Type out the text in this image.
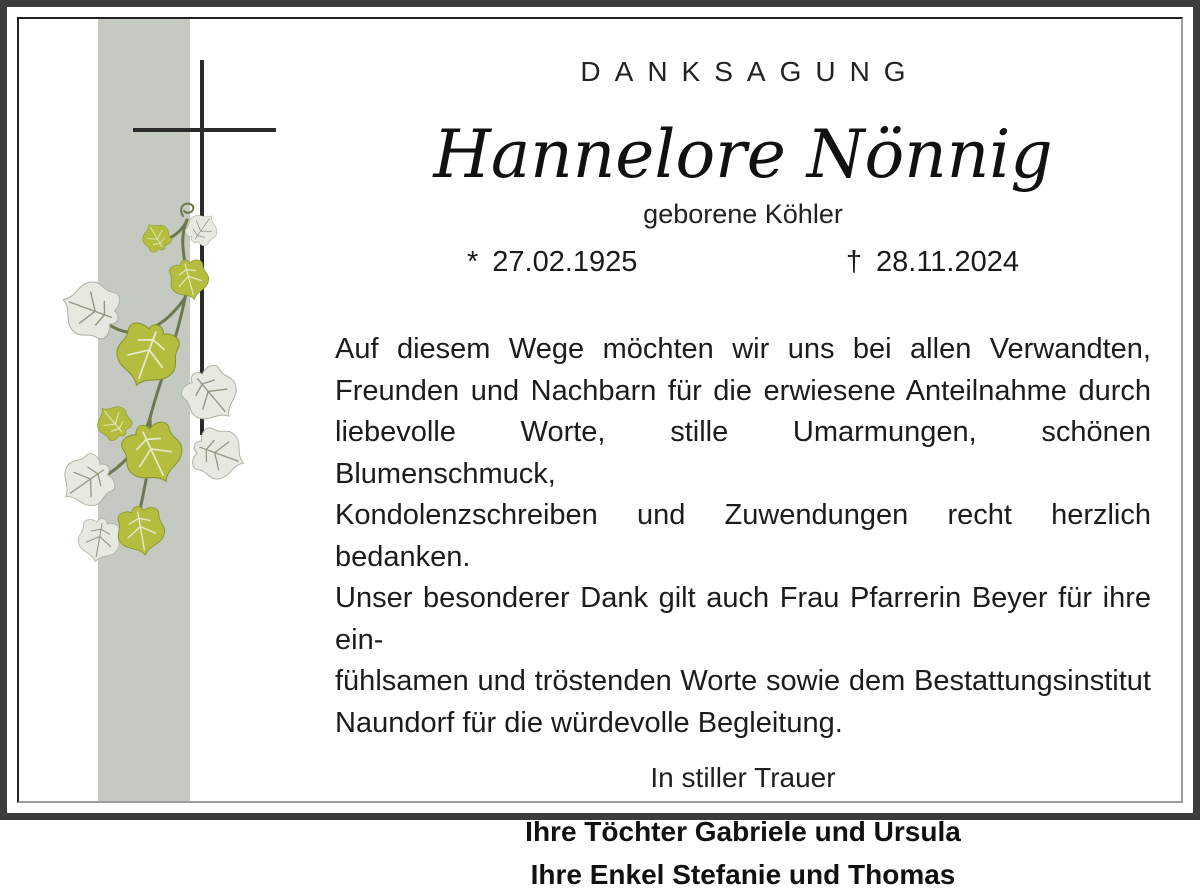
DANKSAGUNG
Hannelore Nönnig
geborene Köhler
* 27.02.1925	† 28.11.2024
Auf diesem Wege möchten wir uns bei allen Verwandten,
Freunden und Nachbarn für die erwiesene Anteilnahme durch
liebevolle Worte, stille Umarmungen, schönen Blumenschmuck,
Kondolenzschreiben und Zuwendungen recht herzlich bedanken.
Unser besonderer Dank gilt auch Frau Pfarrerin Beyer für ihre ein-
fühlsamen und tröstenden Worte sowie dem Bestattungsinstitut
Naundorf für die würdevolle Begleitung.
In stiller Trauer
Ihre Töchter Gabriele und Ursula
Ihre Enkel Stefanie und Thomas
